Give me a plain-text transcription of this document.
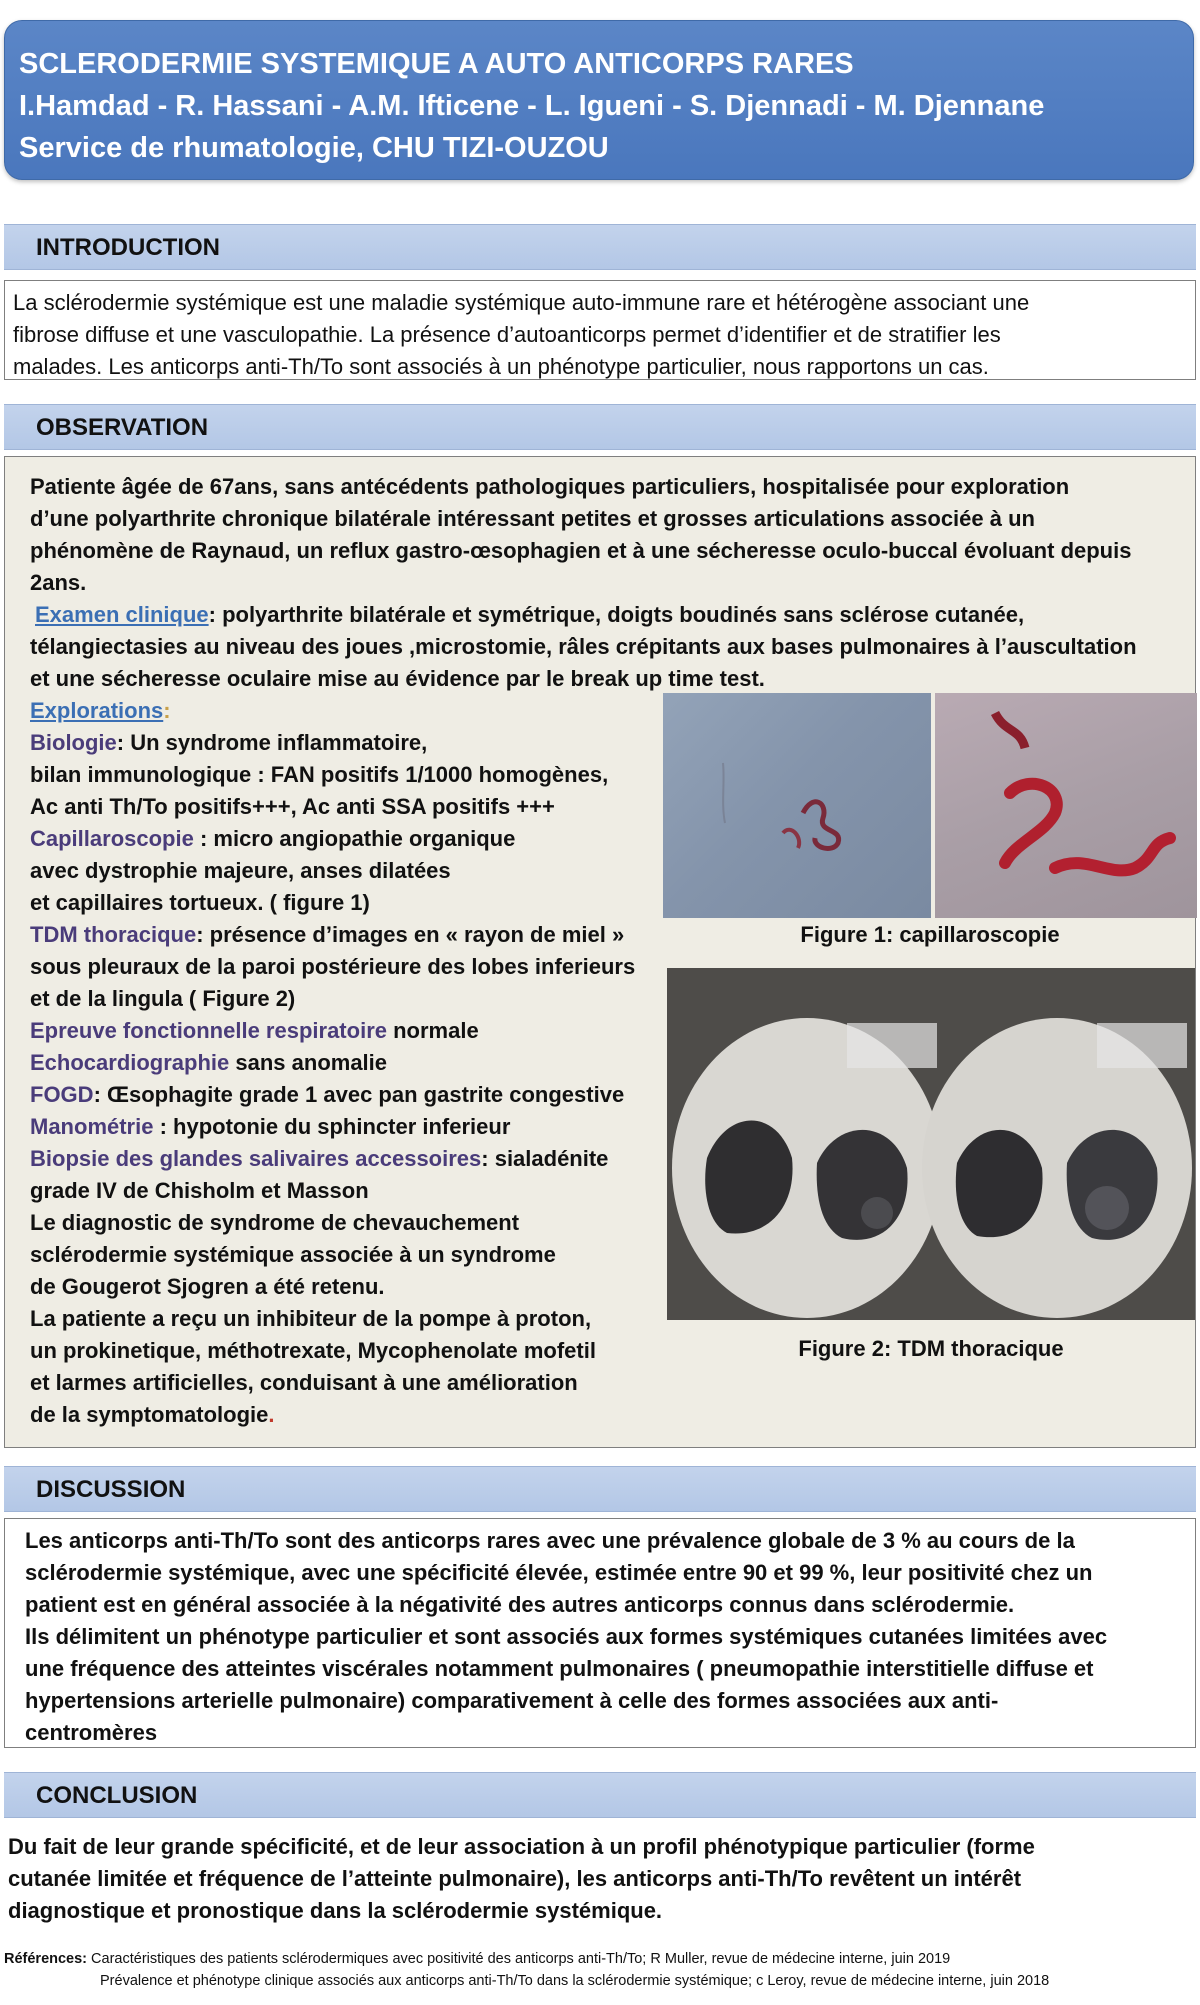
SCLERODERMIE SYSTEMIQUE A AUTO ANTICORPS RARES
I.Hamdad - R. Hassani - A.M. Ifticene - L. Igueni - S. Djennadi - M. Djennane
Service de rhumatologie, CHU TIZI-OUZOU
INTRODUCTION

La sclérodermie systémique est une maladie systémique auto-immune rare et hétérogène associant une

fibrose diffuse et une vasculopathie. La présence d’autoanticorps permet d’identifier et de stratifier les

malades. Les anticorps anti-Th/To sont associés à un phénotype particulier, nous rapportons un cas.

OBSERVATION

Patiente âgée de 67ans, sans antécédents pathologiques particuliers, hospitalisée pour exploration

d’une polyarthrite chronique bilatérale intéressant petites et grosses articulations associée à un

phénomène de Raynaud, un reflux gastro-œsophagien et à une sécheresse oculo-buccal évoluant depuis

2ans.

Examen clinique: polyarthrite bilatérale et symétrique, doigts boudinés sans sclérose cutanée,

télangiectasies au niveau des joues ,microstomie, râles crépitants aux bases pulmonaires à l’auscultation

et une sécheresse oculaire mise au évidence par le break up time test.

Explorations:

Biologie: Un syndrome inflammatoire,

bilan immunologique : FAN positifs 1/1000 homogènes,

Ac anti Th/To positifs+++, Ac anti SSA positifs +++

Capillaroscopie : micro angiopathie organique

avec dystrophie majeure, anses dilatées

et capillaires tortueux. ( figure 1)

TDM thoracique: présence d’images en « rayon de miel »

sous pleuraux de la paroi postérieure des lobes inferieurs

et de la lingula ( Figure 2)

Epreuve fonctionnelle respiratoire normale

Echocardiographie sans anomalie

FOGD: Œsophagite grade 1 avec pan gastrite congestive

Manométrie : hypotonie du sphincter inferieur

Biopsie des glandes salivaires accessoires: sialadénite

grade IV de Chisholm et Masson

Le diagnostic de syndrome de chevauchement

sclérodermie systémique associée à un syndrome

de Gougerot Sjogren a été retenu.

La patiente a reçu un inhibiteur de la pompe à proton,

un prokinetique, méthotrexate, Mycophenolate mofetil

et larmes artificielles, conduisant à une amélioration

de la symptomatologie.

Figure 1: capillaroscopie
Figure 2: TDM thoracique
DISCUSSION

Les anticorps anti-Th/To sont des anticorps rares avec une prévalence globale de 3 % au cours de la

sclérodermie systémique, avec une spécificité élevée, estimée entre 90 et 99 %, leur positivité chez un

patient est en général associée à la négativité des autres anticorps connus dans sclérodermie.

Ils délimitent un phénotype particulier et sont associés aux formes systémiques cutanées limitées avec

une fréquence des atteintes viscérales notamment pulmonaires ( pneumopathie interstitielle diffuse et

hypertensions arterielle pulmonaire) comparativement à celle des formes associées aux anti-

centromères

CONCLUSION

Du fait de leur grande spécificité, et de leur association à un profil phénotypique particulier (forme

cutanée limitée et fréquence de l’atteinte pulmonaire), les anticorps anti-Th/To revêtent un intérêt

diagnostique et pronostique dans la sclérodermie systémique.

Références: Caractéristiques des patients sclérodermiques avec positivité des anticorps anti-Th/To; R Muller, revue de médecine interne, juin 2019

Prévalence et phénotype clinique associés aux anticorps anti-Th/To dans la sclérodermie systémique; c Leroy, revue de médecine interne, juin 2018
